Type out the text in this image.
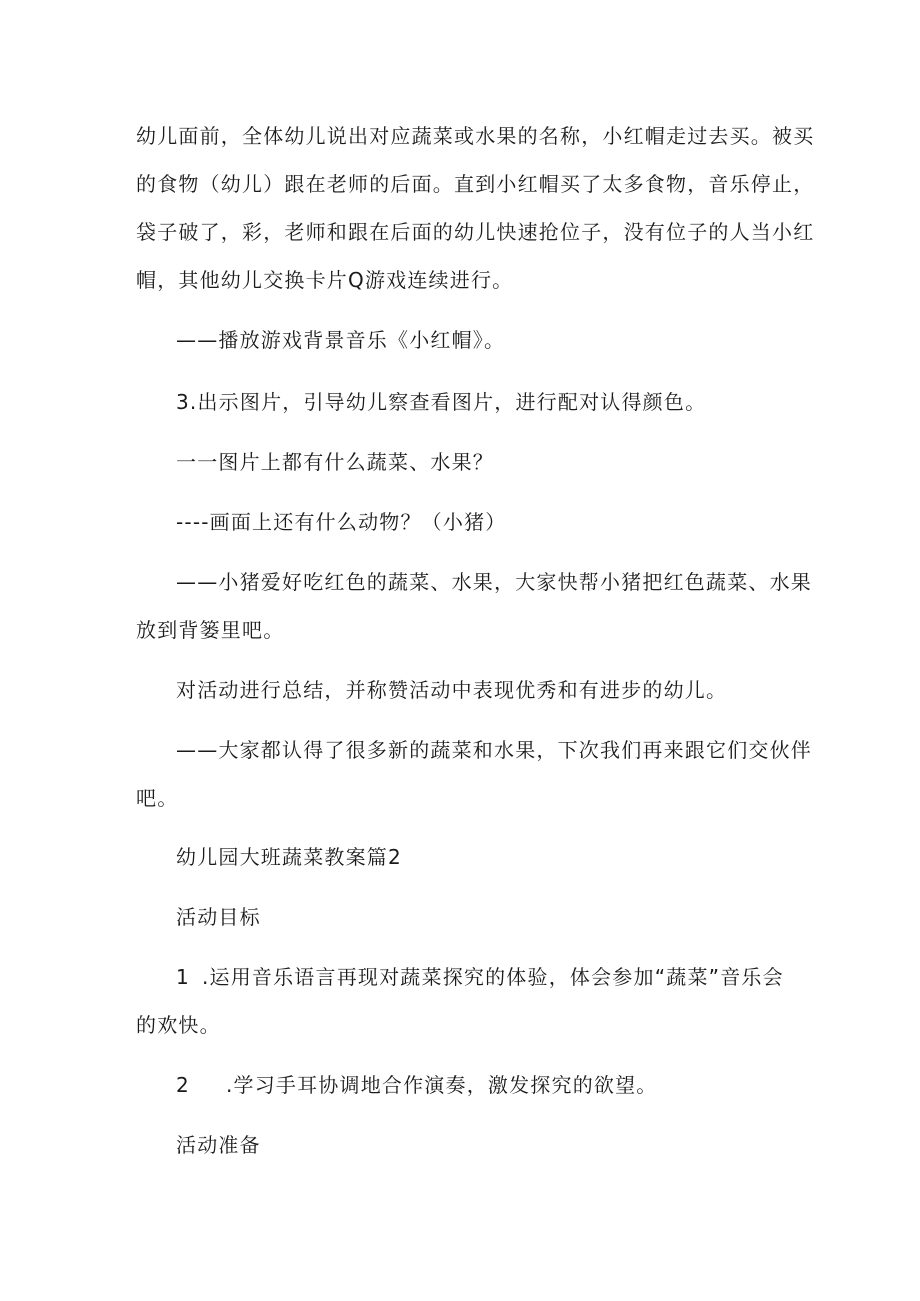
幼儿面前，全体幼儿说出对应蔬菜或水果的名称，小红帽走过去买。被买
的食物（幼儿）跟在老师的后面。直到小红帽买了太多食物，音乐停止，
袋子破了，彩，老师和跟在后面的幼儿快速抢位子，没有位子的人当小红
帽，其他幼儿交换卡片Q游戏连续进行。
——播放游戏背景音乐《小红帽》。
3.出示图片，引导幼儿察查看图片，进行配对认得颜色。
一一图片上都有什么蔬菜、水果？
----画面上还有什么动物？（小猪）
——小猪爱好吃红色的蔬菜、水果，大家快帮小猪把红色蔬菜、水果
放到背篓里吧。
对活动进行总结，并称赞活动中表现优秀和有进步的幼儿。
——大家都认得了很多新的蔬菜和水果，下次我们再来跟它们交伙伴
吧。
幼儿园大班蔬菜教案篇2
活动目标
1 .运用音乐语言再现对蔬菜探究的体验，体会参加“蔬菜”音乐会
的欢快。
2 .学习手耳协调地合作演奏，激发探究的欲望。
活动准备
